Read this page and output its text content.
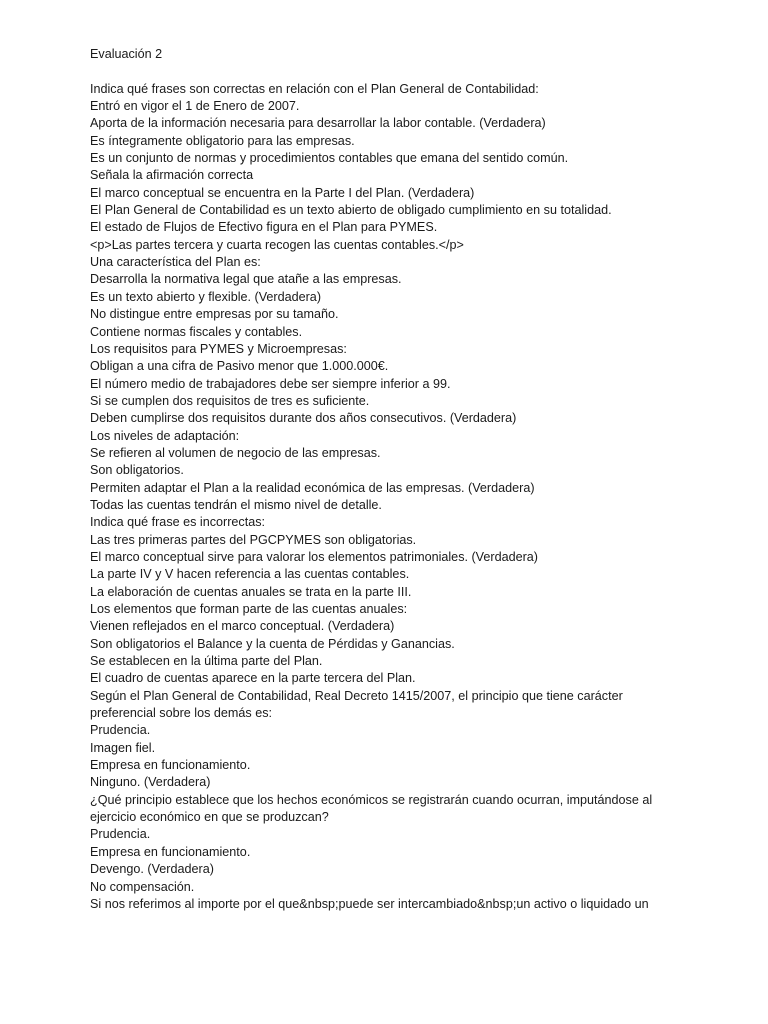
Evaluación 2
Indica qué frases son correctas en relación con el Plan General de Contabilidad:
Entró en vigor el 1 de Enero de 2007.
Aporta de la información necesaria para desarrollar la labor contable. (Verdadera)
Es íntegramente obligatorio para las empresas.
Es un conjunto de normas y procedimientos contables que emana del sentido común.
Señala la afirmación correcta
El marco conceptual se encuentra en la Parte I del Plan. (Verdadera)
El Plan General de Contabilidad es un texto abierto de obligado cumplimiento en su totalidad.
El estado de Flujos de Efectivo figura en el Plan para PYMES.
<p>Las partes tercera y cuarta recogen las cuentas contables.</p>
Una característica del Plan es:
Desarrolla la normativa legal que atañe a las empresas.
Es un texto abierto y flexible. (Verdadera)
No distingue entre empresas por su tamaño.
Contiene normas fiscales y contables.
Los requisitos para PYMES y Microempresas:
Obligan a una cifra de Pasivo menor que 1.000.000€.
El número medio de trabajadores debe ser siempre inferior a 99.
Si se cumplen dos requisitos de tres es suficiente.
Deben cumplirse dos requisitos durante dos años consecutivos. (Verdadera)
Los niveles de adaptación:
Se refieren al volumen de negocio de las empresas.
Son obligatorios.
Permiten adaptar el Plan a la realidad económica de las empresas. (Verdadera)
Todas las cuentas tendrán el mismo nivel de detalle.
Indica qué frase es incorrectas:
Las tres primeras partes del PGCPYMES son obligatorias.
El marco conceptual sirve para valorar los elementos patrimoniales. (Verdadera)
La parte IV y V hacen referencia a las cuentas contables.
La elaboración de cuentas anuales se trata en la parte III.
Los elementos que forman parte de las cuentas anuales:
Vienen reflejados en el marco conceptual. (Verdadera)
Son obligatorios el Balance y la cuenta de Pérdidas y Ganancias.
Se establecen en la última parte del Plan.
El cuadro de cuentas aparece en la parte tercera del Plan.
Según el Plan General de Contabilidad, Real Decreto 1415/2007, el principio que tiene carácter
preferencial sobre los demás es:
Prudencia.
Imagen fiel.
Empresa en funcionamiento.
Ninguno. (Verdadera)
¿Qué principio establece que los hechos económicos se registrarán cuando ocurran, imputándose al
ejercicio económico en que se produzcan?
Prudencia.
Empresa en funcionamiento.
Devengo. (Verdadera)
No compensación.
Si nos referimos al importe por el que&nbsp;puede ser intercambiado&nbsp;un activo o liquidado un
